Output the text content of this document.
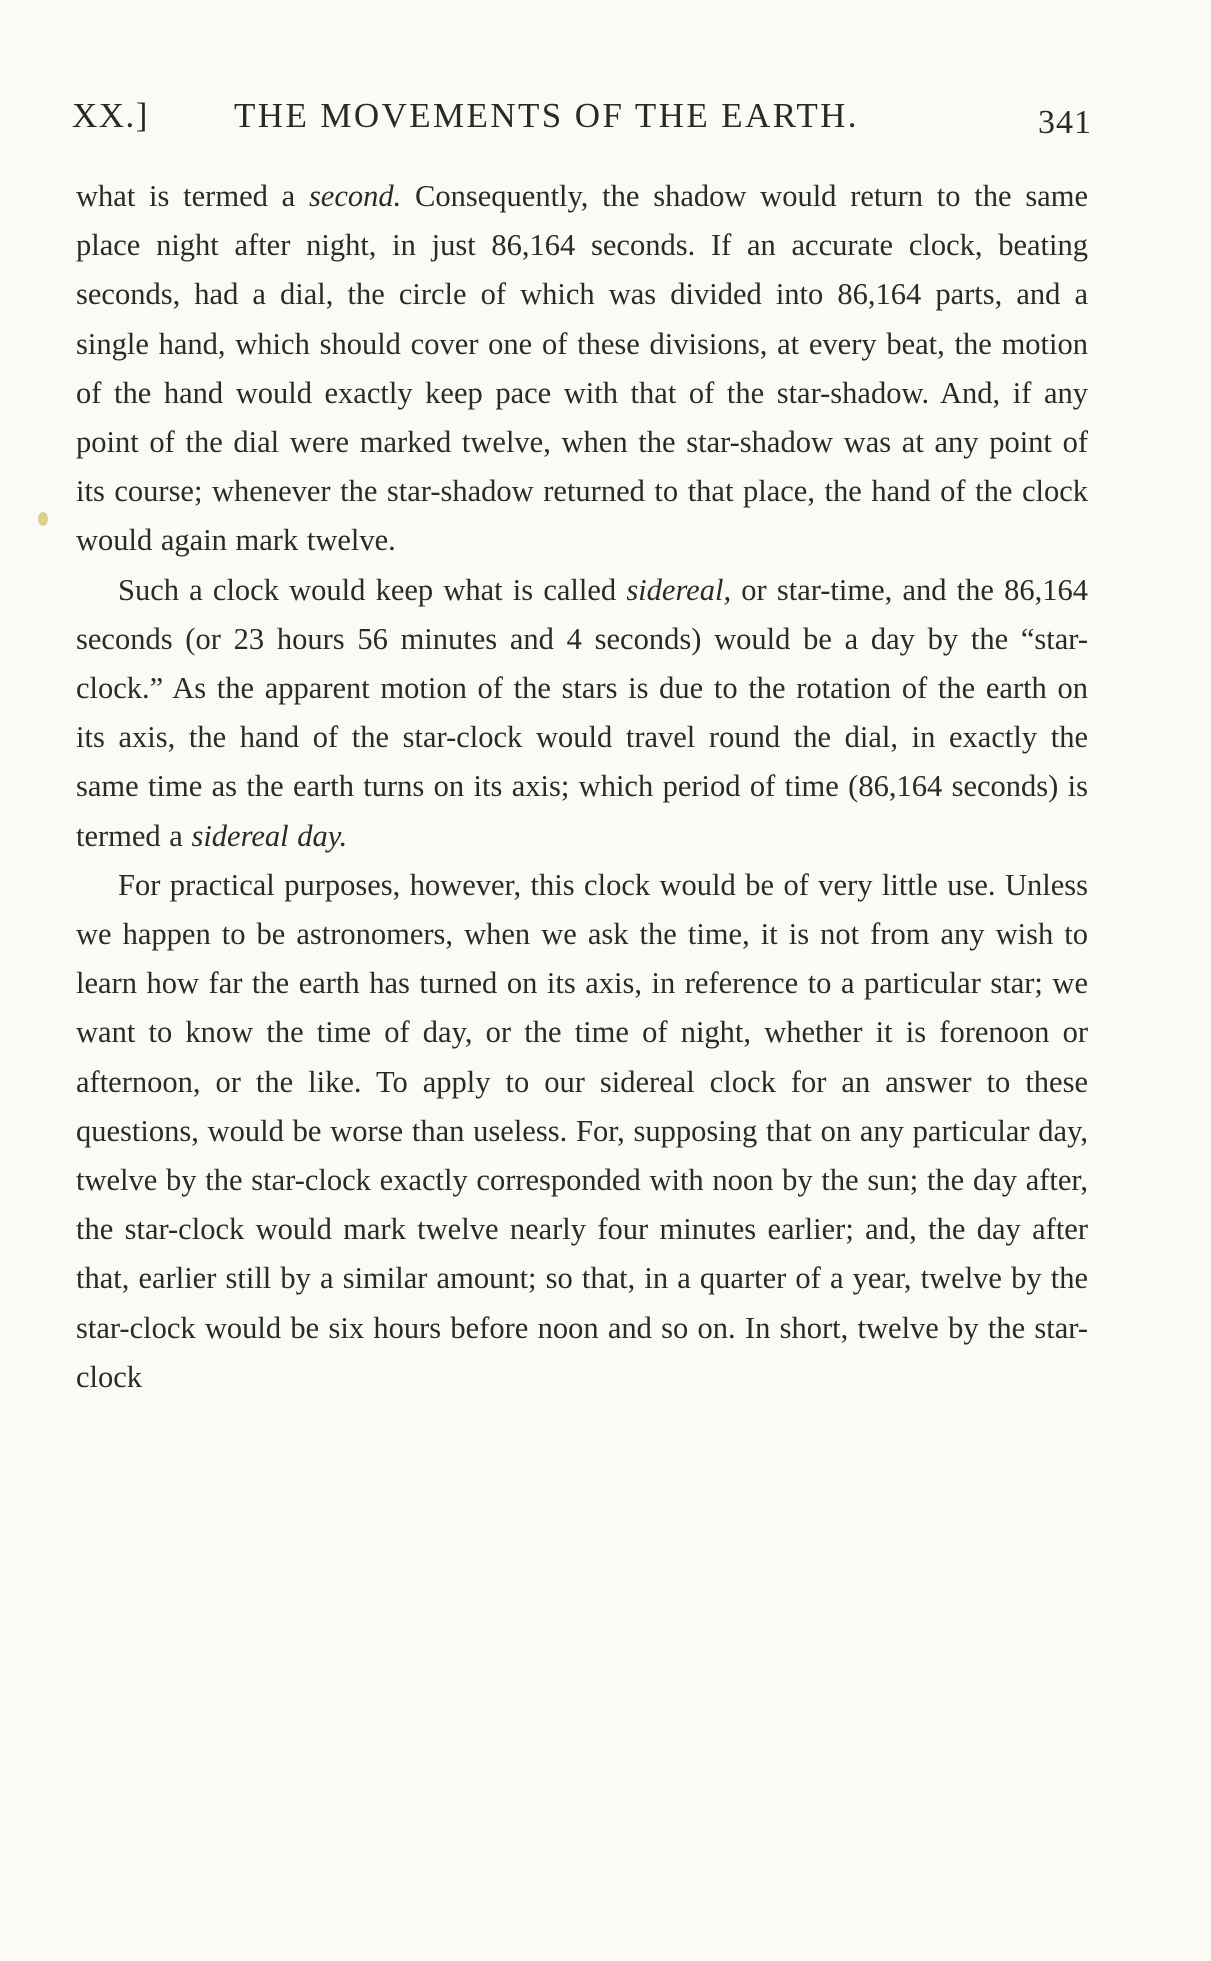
XX.] THE MOVEMENTS OF THE EARTH.	341

what is termed a second. Consequently, the shadow would return to the same place night after night, in just 86,164 seconds. If an accurate clock, beating seconds, had a dial, the circle of which was divided into 86,164 parts, and a single hand, which should cover one of these divisions, at every beat, the motion of the hand would exactly keep pace with that of the star-shadow. And, if any point of the dial were marked twelve, when the star-shadow was at any point of its course; whenever the star-shadow returned to that place, the hand of the clock would again mark twelve.

Such a clock would keep what is called sidereal, or star-time, and the 86,164 seconds (or 23 hours 56 minutes and 4 seconds) would be a day by the “star-clock.” As the apparent motion of the stars is due to the rotation of the earth on its axis, the hand of the star-clock would travel round the dial, in exactly the same time as the earth turns on its axis; which period of time (86,164 seconds) is termed a sidereal day.

For practical purposes, however, this clock would be of very little use. Unless we happen to be astronomers, when we ask the time, it is not from any wish to learn how far the earth has turned on its axis, in reference to a particular star; we want to know the time of day, or the time of night, whether it is forenoon or afternoon, or the like. To apply to our sidereal clock for an answer to these questions, would be worse than useless. For, supposing that on any particular day, twelve by the star-clock exactly corresponded with noon by the sun; the day after, the star-clock would mark twelve nearly four minutes earlier; and, the day after that, earlier still by a similar amount; so that, in a quarter of a year, twelve by the star-clock would be six hours before noon and so on. In short, twelve by the star-clock
